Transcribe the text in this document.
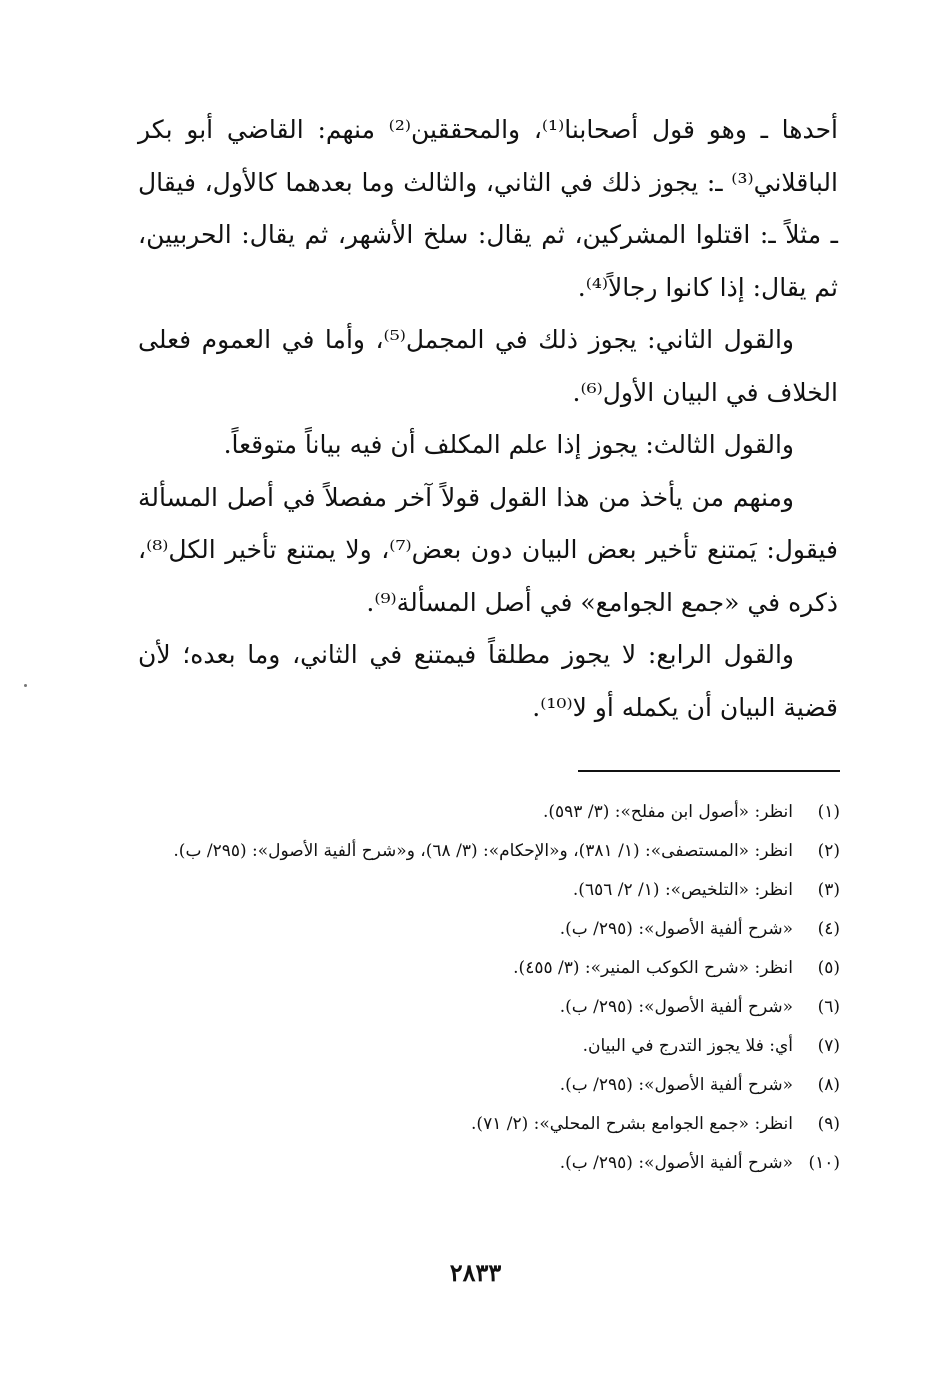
أحدها ـ وهو قول أصحابنا⁽¹⁾، والمحققين⁽²⁾ منهم: القاضي أبو بكر الباقلاني⁽³⁾ ـ: يجوز ذلك في الثاني، والثالث وما بعدهما كالأول، فيقال ـ مثلاً ـ: اقتلوا المشركين، ثم يقال: سلخ الأشهر، ثم يقال: الحربيين، ثم يقال: إذا كانوا رجالاً⁽⁴⁾.

والقول الثاني: يجوز ذلك في المجمل⁽⁵⁾، وأما في العموم فعلى الخلاف في البيان الأول⁽⁶⁾.

والقول الثالث: يجوز إذا علم المكلف أن فيه بياناً متوقعاً.

ومنهم من يأخذ من هذا القول قولاً آخر مفصلاً في أصل المسألة فيقول: يَمتنع تأخير بعض البيان دون بعض⁽⁷⁾، ولا يمتنع تأخير الكل⁽⁸⁾، ذكره في «جمع الجوامع» في أصل المسألة⁽⁹⁾.

والقول الرابع: لا يجوز مطلقاً فيمتنع في الثاني، وما بعده؛ لأن قضية البيان أن يكمله أو لا⁽¹⁰⁾.

(١)
انظر: «أصول ابن مفلح»: (٣/ ٥٩٣).
(٢)
انظر: «المستصفى»: (١/ ٣٨١)، و«الإحكام»: (٣/ ٦٨)، و«شرح ألفية الأصول»: (٢٩٥/ ب).
(٣)
انظر: «التلخيص»: (١/ ٢/ ٦٥٦).
(٤)
«شرح ألفية الأصول»: (٢٩٥/ ب).
(٥)
انظر: «شرح الكوكب المنير»: (٣/ ٤٥٥).
(٦)
«شرح ألفية الأصول»: (٢٩٥/ ب).
(٧)
أي: فلا يجوز التدرج في البيان.
(٨)
«شرح ألفية الأصول»: (٢٩٥/ ب).
(٩)
انظر: «جمع الجوامع بشرح المحلي»: (٢/ ٧١).
(١٠)
«شرح ألفية الأصول»: (٢٩٥/ ب).
٢٨٣٣
